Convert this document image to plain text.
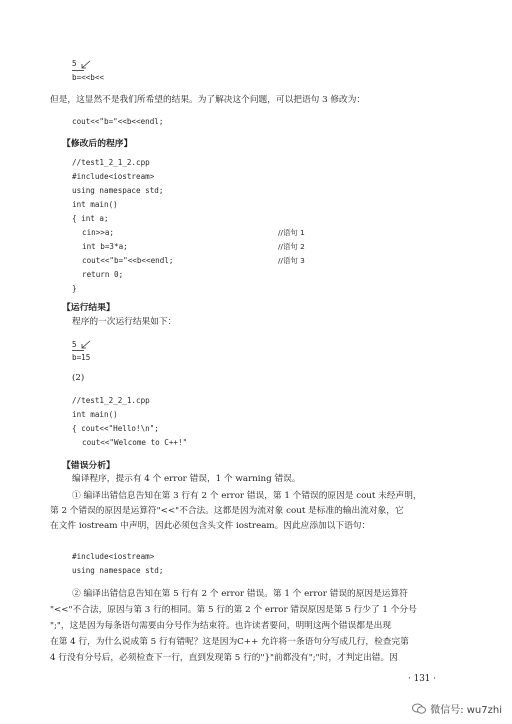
5
b=<<b<<
但是，这显然不是我们所希望的结果。为了解决这个问题，可以把语句 3 修改为：
cout<<"b="<<b<<endl;
【修改后的程序】
//test1_2_1_2.cpp
#include<iostream>
using namespace std;
int main()
{ int a;
cin>>a;	//语句 1
int b=3*a;	//语句 2
cout<<"b="<<b<<endl;	//语句 3
return 0;
}
【运行结果】
程序的一次运行结果如下：
5
b=15
(2)
//test1_2_2_1.cpp
int main()
{ cout<<"Hello!\n";
cout<<"Welcome to C++!"
【错误分析】
编译程序，提示有 4 个 error 错误，1 个 warning 错误。
① 编译出错信息告知在第 3 行有 2 个 error 错误，第 1 个错误的原因是 cout 未经声明，
第 2 个错误的原因是运算符"<<"不合法。这都是因为流对象 cout 是标准的输出流对象，它
在文件 iostream 中声明，因此必须包含头文件 iostream。因此应添加以下语句：
#include<iostream>
using namespace std;
② 编译出错信息告知在第 5 行有 2 个 error 错误。第 1 个 error 错误的原因是运算符
"<<"不合法，原因与第 3 行的相同。第 5 行的第 2 个 error 错误原因是第 5 行少了 1 个分号
";"，这是因为每条语句需要由分号作为结束符。也许读者要问，明明这两个错误都是出现
在第 4 行，为什么说成第 5 行有错呢？这是因为C++ 允许将一条语句分写成几行，检查完第
4 行没有分号后，必须检查下一行，直到发现第 5 行的"}"前都没有";"时，才判定出错。因
· 131 ·
微信号: wu7zhi
